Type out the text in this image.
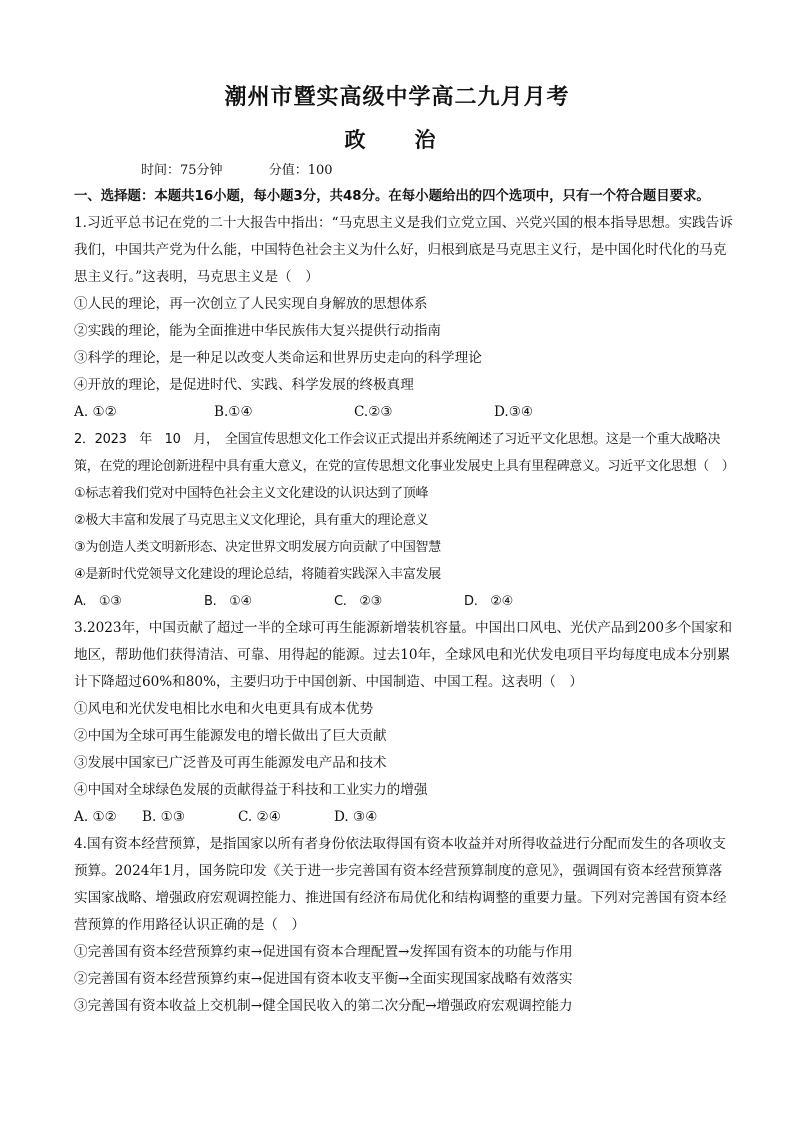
潮州市暨实高级中学高二九月月考
政　治
时间：75分钟	分值：100

一、选择题：本题共16小题，每小题3分，共48分。在每小题给出的四个选项中，只有一个符合题目要求。

1.习近平总书记在党的二十大报告中指出：“马克思主义是我们立党立国、兴党兴国的根本指导思想。实践告诉我们，中国共产党为什么能，中国特色社会主义为什么好，归根到底是马克思主义行，是中国化时代化的马克思主义行。”这表明，马克思主义是（　）

①人民的理论，再一次创立了人民实现自身解放的思想体系

②实践的理论，能为全面推进中华民族伟大复兴提供行动指南

③科学的理论，是一种足以改变人类命运和世界历史走向的科学理论

④开放的理论，是促进时代、实践、科学发展的终极真理

A. ①②	B.①④	C.②③	D.③④

2．2023　年　10　月，　全国宣传思想文化工作会议正式提出并系统阐述了习近平文化思想。这是一个重大战略决策，在党的理论创新进程中具有重大意义，在党的宣传思想文化事业发展史上具有里程碑意义。习近平文化思想（　）

①标志着我们党对中国特色社会主义文化建设的认识达到了顶峰

②极大丰富和发展了马克思主义文化理论，具有重大的理论意义

③为创造人类文明新形态、决定世界文明发展方向贡献了中国智慧

④是新时代党领导文化建设的理论总结，将随着实践深入丰富发展

A.　①③	B.　①④	C.　②③	D.　②④

3.2023年，中国贡献了超过一半的全球可再生能源新增装机容量。中国出口风电、光伏产品到200多个国家和地区，帮助他们获得清洁、可靠、用得起的能源。过去10年，全球风电和光伏发电项目平均每度电成本分别累计下降超过60%和80%，主要归功于中国创新、中国制造、中国工程。这表明（　）

①风电和光伏发电相比水电和火电更具有成本优势

②中国为全球可再生能源发电的增长做出了巨大贡献

③发展中国家已广泛普及可再生能源发电产品和技术

④中国对全球绿色发展的贡献得益于科技和工业实力的增强

A. ①②	B. ①③	C. ②④	D. ③④

4.国有资本经营预算，是指国家以所有者身份依法取得国有资本收益并对所得收益进行分配而发生的各项收支预算。2024年1月，国务院印发《关于进一步完善国有资本经营预算制度的意见》，强调国有资本经营预算落实国家战略、增强政府宏观调控能力、推进国有经济布局优化和结构调整的重要力量。下列对完善国有资本经营预算的作用路径认识正确的是（　）

①完善国有资本经营预算约束→促进国有资本合理配置→发挥国有资本的功能与作用

②完善国有资本经营预算约束→促进国有资本收支平衡→全面实现国家战略有效落实

③完善国有资本收益上交机制→健全国民收入的第二次分配→增强政府宏观调控能力
